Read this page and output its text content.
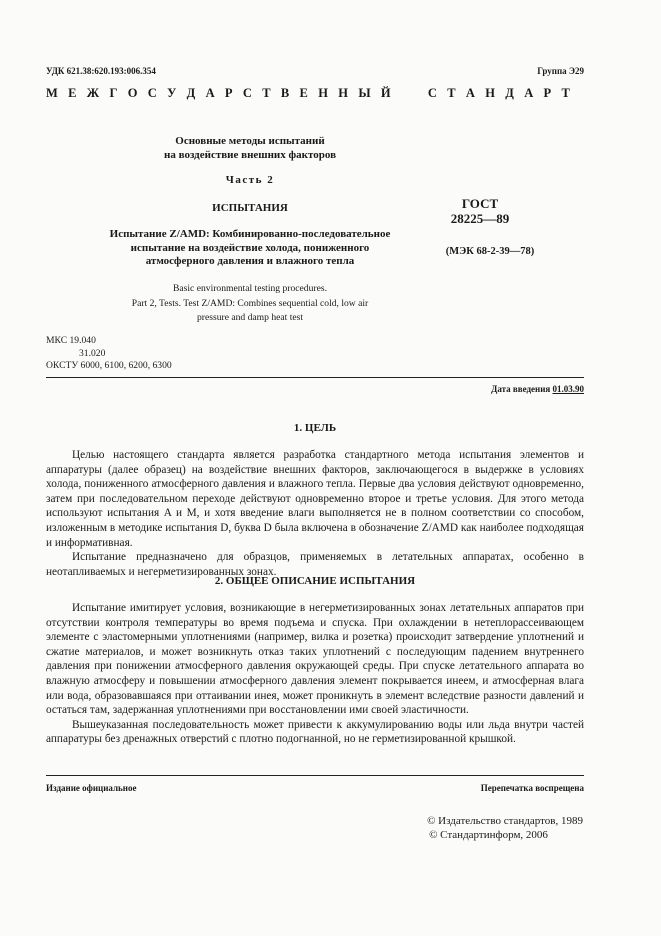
УДК 621.38:620.193:006.354	Группа Э29
М Е Ж Г О С У Д А Р С Т В Е Н Н Ы Й     С Т А Н Д А Р Т
Основные методы испытаний
на воздействие внешних факторов
Часть 2
ИСПЫТАНИЯ
Испытание Z/AMD: Комбинированно-последовательное
испытание на воздействие холода, пониженного
атмосферного давления и влажного тепла
Basic environmental testing procedures.
Part 2, Tests. Test Z/AMD: Combines sequential cold, low air
pressure and damp heat test
ГОСТ
28225—89
(МЭК 68-2-39—78)
МКС 19.040
31.020
ОКСТУ 6000, 6100, 6200, 6300
Дата введения 01.03.90
1. ЦЕЛЬ

Целью настоящего стандарта является разработка стандартного метода испытания элементов и аппаратуры (далее образец) на воздействие внешних факторов, заключающегося в выдержке в условиях холода, пониженного атмосферного давления и влажного тепла. Первые два условия действуют одновременно, затем при последовательном переходе действуют одновременно второе и третье условия. Для этого метода используют испытания A и M, и хотя введение влаги выполняется не в полном соответствии со способом, изложенным в методике испытания D, буква D была включена в обозначение Z/AMD как наиболее подходящая и информативная.

Испытание предназначено для образцов, применяемых в летательных аппаратах, особенно в неотапливаемых и негерметизированных зонах.

2. ОБЩЕЕ ОПИСАНИЕ ИСПЫТАНИЯ

Испытание имитирует условия, возникающие в негерметизированных зонах летательных аппаратов при отсутствии контроля температуры во время подъема и спуска. При охлаждении в нетеплорассеивающем элементе с эластомерными уплотнениями (например, вилка и розетка) происходит затвердение уплотнений и сжатие материалов, и может возникнуть отказ таких уплотнений с последующим падением внутреннего давления при понижении атмосферного давления окружающей среды. При спуске летательного аппарата во влажную атмосферу и повышении атмосферного давления элемент покрывается инеем, и атмосферная влага или вода, образовавшаяся при оттаивании инея, может проникнуть в элемент вследствие разности давлений и остаться там, задержанная уплотнениями при восстановлении ими своей эластичности.

Вышеуказанная последовательность может привести к аккумулированию воды или льда внутри частей аппаратуры без дренажных отверстий с плотно подогнанной, но не герметизированной крышкой.

Издание официальное	Перепечатка воспрещена
© Издательство стандартов, 1989
© Стандартинформ, 2006
